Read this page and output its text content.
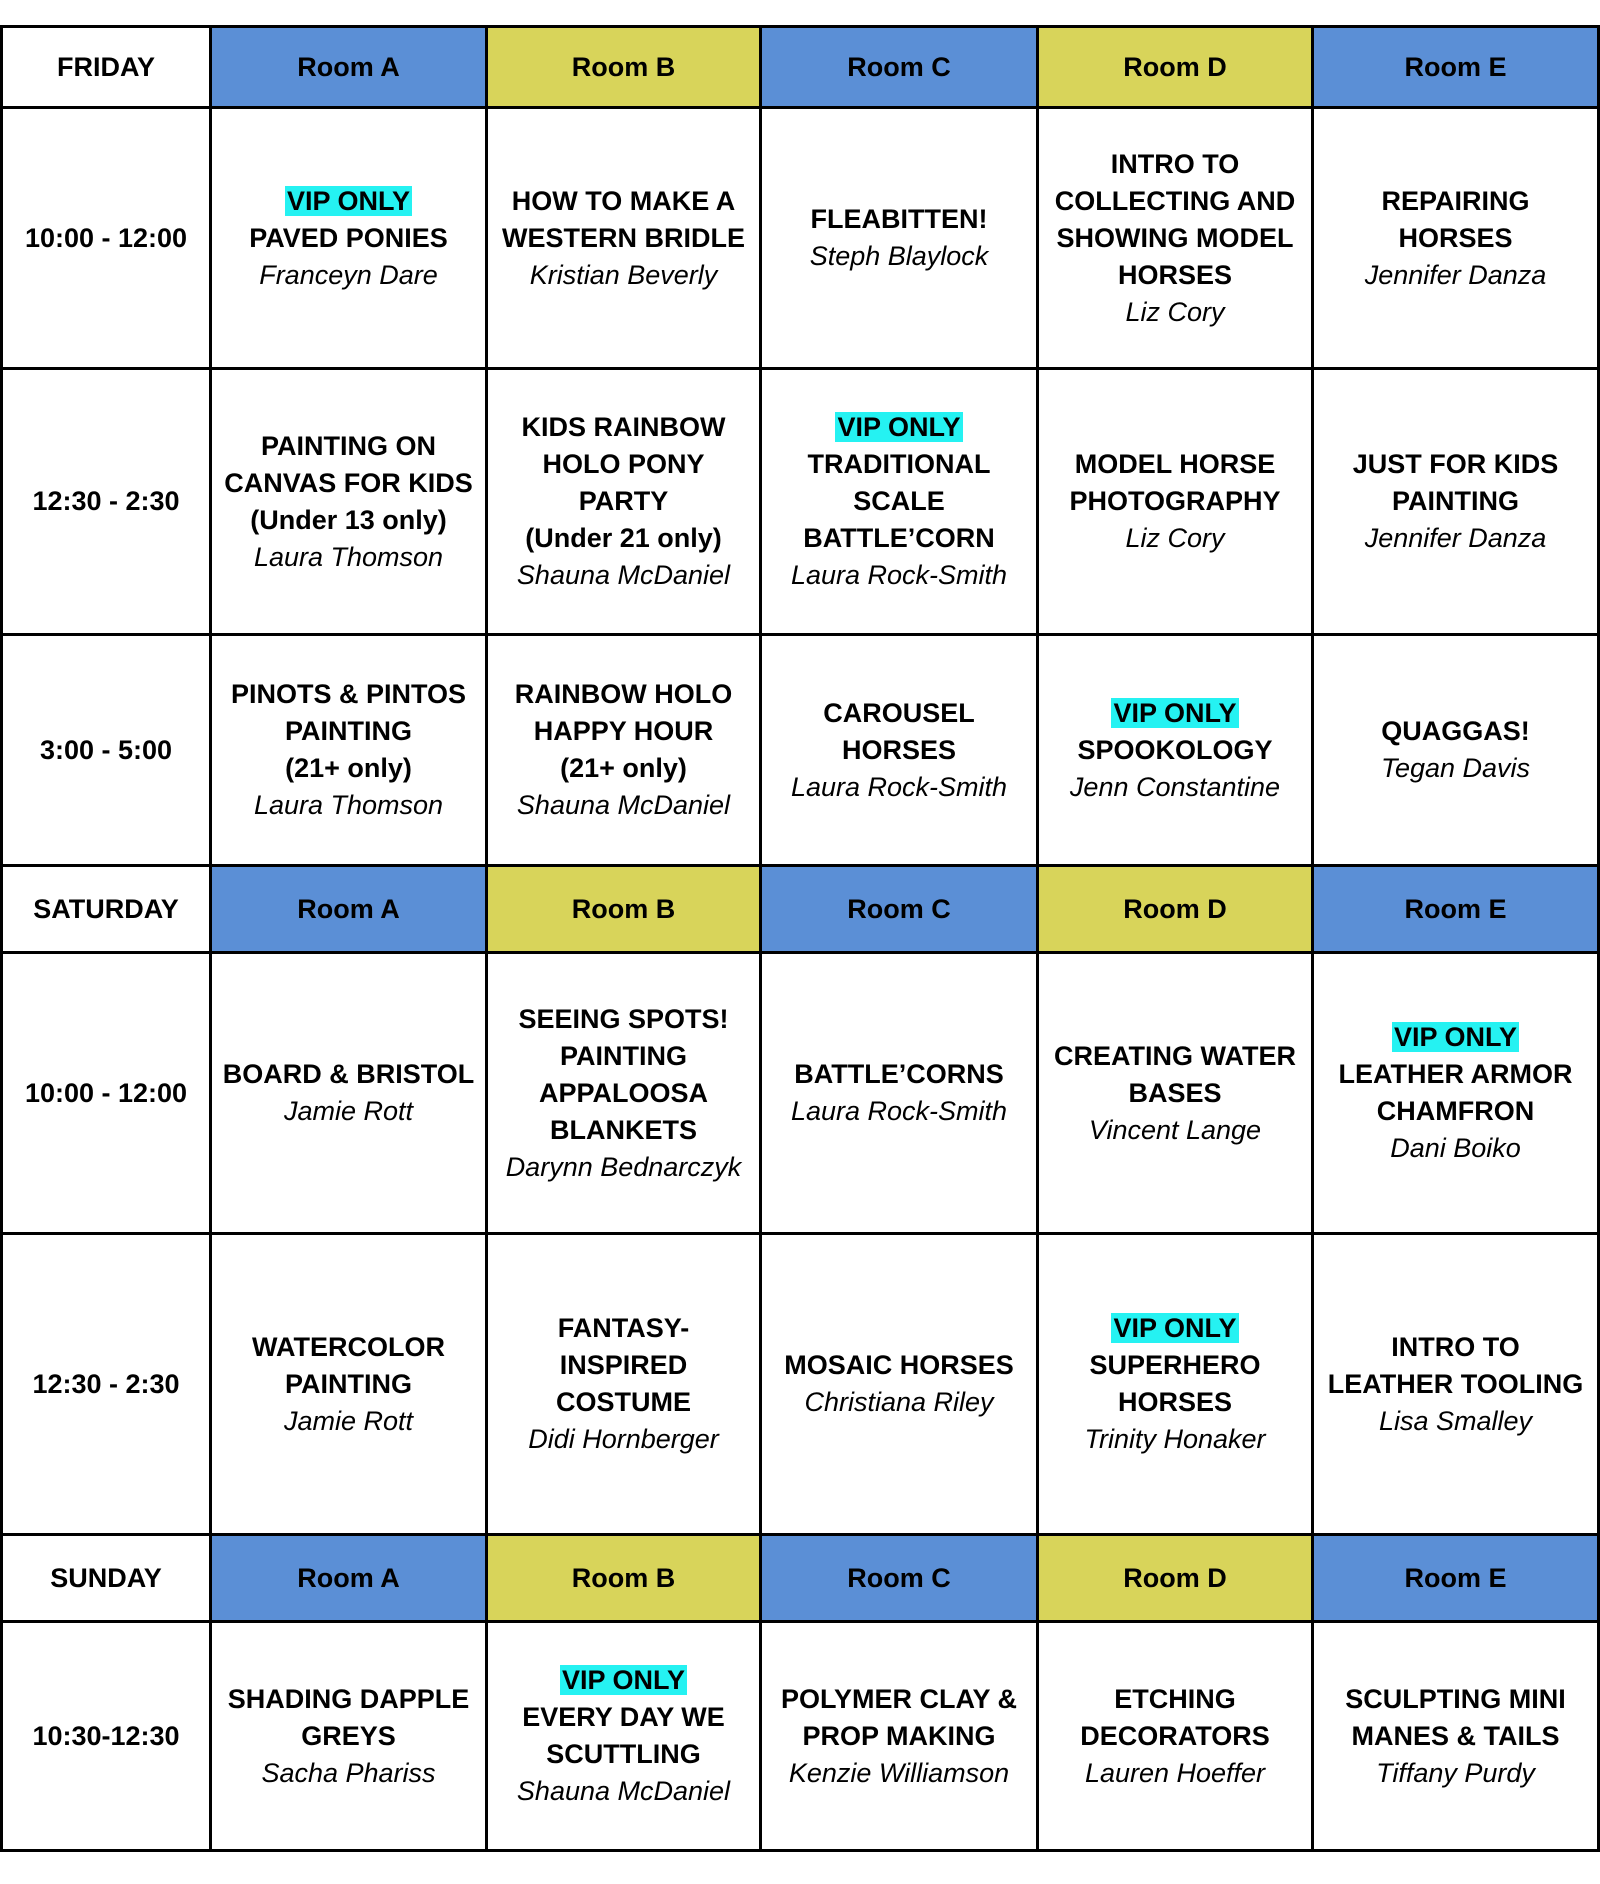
FRIDAY	Room A	Room B	Room C	Room D	Room E
10:00 - 12:00	VIP ONLY
PAVED PONIES
Franceyn Dare	HOW TO MAKE A
WESTERN BRIDLE
Kristian Beverly	FLEABITTEN!
Steph Blaylock	INTRO TO
COLLECTING AND
SHOWING MODEL
HORSES
Liz Cory	REPAIRING
HORSES
Jennifer Danza

12:30 - 2:30	PAINTING ON
CANVAS FOR KIDS
(Under 13 only)
Laura Thomson	KIDS RAINBOW
HOLO PONY
PARTY
(Under 21 only)
Shauna McDaniel	VIP ONLY
TRADITIONAL
SCALE
BATTLE’CORN
Laura Rock-Smith	MODEL HORSE
PHOTOGRAPHY
Liz Cory	JUST FOR KIDS
PAINTING
Jennifer Danza

3:00 - 5:00	PINOTS & PINTOS
PAINTING
(21+ only)
Laura Thomson	RAINBOW HOLO
HAPPY HOUR
(21+ only)
Shauna McDaniel	CAROUSEL HORSES
Laura Rock-Smith	VIP ONLY
SPOOKOLOGY
Jenn Constantine	QUAGGAS!
Tegan Davis

SATURDAY	Room A	Room B	Room C	Room D	Room E
10:00 - 12:00	BOARD & BRISTOL
Jamie Rott	SEEING SPOTS!
PAINTING
APPALOOSA
BLANKETS
Darynn Bednarczyk	BATTLE’CORNS
Laura Rock-Smith	CREATING WATER
BASES
Vincent Lange	VIP ONLY
LEATHER ARMOR
CHAMFRON
Dani Boiko

12:30 - 2:30	WATERCOLOR
PAINTING
Jamie Rott	FANTASY-
INSPIRED
COSTUME
Didi Hornberger	MOSAIC HORSES
Christiana Riley	VIP ONLY
SUPERHERO
HORSES
Trinity Honaker	INTRO TO
LEATHER TOOLING
Lisa Smalley

SUNDAY	Room A	Room B	Room C	Room D	Room E
10:30-12:30	SHADING DAPPLE
GREYS
Sacha Phariss	VIP ONLY
EVERY DAY WE
SCUTTLING
Shauna McDaniel	POLYMER CLAY &
PROP MAKING
Kenzie Williamson	ETCHING
DECORATORS
Lauren Hoeffer	SCULPTING MINI
MANES & TAILS
Tiffany Purdy
